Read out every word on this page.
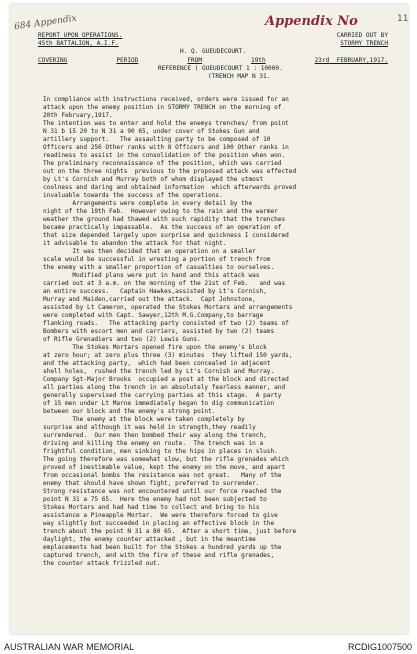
684 Appendix	Appendix No	11
REPORT UPON OPERATIONS.	CARRIED OUT BY
45th BATTALION, A.I.F.	STORMY TRENCH
H. Q. GUEUDECOURT.
COVERING	PERIOD	FROM	19th	23rd  FEBRUARY,1917.
REFERENCE ( GUEUDECOURT 1 : 10000.
(TRENCH MAP N 31.
In compliance with instructions received, orders were issued for an
attack upon the enemy position in STORMY TRENCH on the morning of
20th February,1917.
The intention was to enter and hold the enemys trenches/ from point
N 31 b 15 20 to N 31 a 90 65, under cover of Stokes Gun and
artillery support.   The assaulting party to be composed of 10
Officers and 250 Other ranks with 8 Officers and 100 Other ranks in
readiness to assist in the consolidation of the position when won.
The preliminary reconnaissance of the position, which was carried
out on the three nights  previous to the proposed attack was effected
by Lt's Cornish and Murray both of whom displayed the utmost
coolness and daring and obtained information  which afterwards proved
invaluable towards the success of the operations.
Arrangements were complete in every detail by the
night of the 19th Feb.  However owing to the rain and the warmer
weather the ground had thawed with such rapidity that the trenches
became practically impassable.  As the success of an operation of
that size depended largely upon surprise and quickness I considered
it advisable to abandon the attack for that night.
It was then decided that an operation on a smaller
scale would be successful in wresting a portion of trench from
the enemy with a smaller proportion of casualties to ourselves.
Modified plans were put in hand and this attack was
carried out at 3 a.m. on the morning of the 21st of Feb.   and was
an entire success.   Captain Hawkes,assisted by Lt's Cornish,
Murray and Maiden,carried out the attack.  Capt Johnstone,
assisted by Lt Cameron, operated the Stokes Mortars and arrangements
were completed with Capt. Sawyer,12th M.G.Company,to barrage
flanking roads.   The attacking party consisted of two (2) teams of
Bombers with escort men and carriers, assisted by two (2) teams
of Rifle Grenadiers and two (2) Lewis Guns.
The Stokes Mortars opened fire upon the enemy's block
at zero hour; at zero plus three (3) minutes  they lifted 150 yards,
and the attacking party,  which had been concealed in adjacent
shell holes,  rushed the trench led by Lt's Cornish and Murray.
Company Sgt-Major Brooks  occupied a post at the block and directed
all parties along the trench in an absolutely fearless manner, and
generally supervised the carrying parties at this stage.  A party
of 15 men under Lt Marne immediately began to dig communication
between our block and the enemy's strong point.
The enemy at the block were taken completely by
surprise and although it was held in strength,they readily
surrendered.  Our men then bombed their way along the trench,
driving and killing the enemy en route.  The trench was in a
frightful condition, men sinking to the hips in places in slush.
The going therefore was somewhat slow, but the rifle grenades which
proved of inestimable value, kept the enemy on the move, and apart
from occasional bombs the resistance was not great.   Many of the
enemy that should have shown fight, preferred to surrender.
Strong resistance was not encountered until our force reached the
point N 31 a 75 65.  Here the enemy had not been subjected to
Stokes Mortars and had had time to collect and bring to his
assistance a Pineapple Mortar.  We were therefore forced to give
way slightly but succeeded in placing an effective block in the
trench about the point N 31 a 80 65.  After a short time, just before
daylight, the enemy counter attacked , but in the meantime
emplacements had been built for the Stokes a hundred yards up the
captured trench, and with the fire of these and rifle grenades,
the counter attack frizzled out.
AUSTRALIAN WAR MEMORIAL	RCDIG1007500
